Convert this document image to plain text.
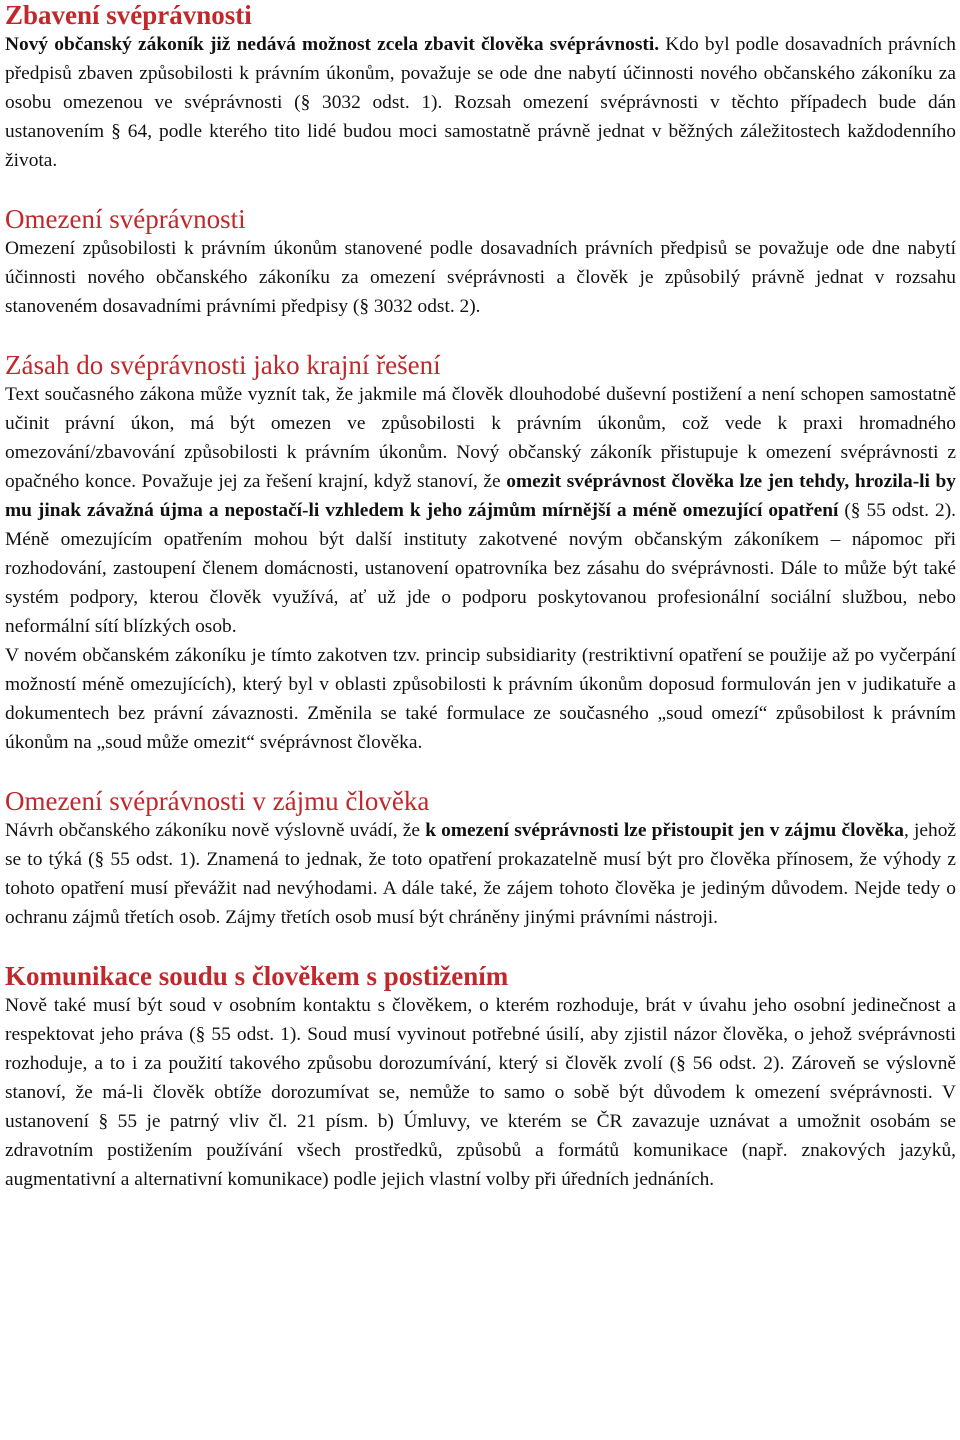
Zbavení svéprávnosti

Nový občanský zákoník již nedává možnost zcela zbavit člověka svéprávnosti. Kdo byl podle dosavadních právních předpisů zbaven způsobilosti k právním úkonům, považuje se ode dne nabytí účinnosti nového občanského zákoníku za osobu omezenou ve svéprávnosti (§ 3032 odst. 1). Rozsah omezení svéprávnosti v těchto případech bude dán ustanovením § 64, podle kterého tito lidé budou moci samostatně právně jednat v běžných záležitostech každodenního života.

Omezení svéprávnosti

Omezení způsobilosti k právním úkonům stanovené podle dosavadních právních předpisů se považuje ode dne nabytí účinnosti nového občanského zákoníku za omezení svéprávnosti a člověk je způsobilý právně jednat v rozsahu stanoveném dosavadními právními předpisy (§ 3032 odst. 2).

Zásah do svéprávnosti jako krajní řešení

Text současného zákona může vyznít tak, že jakmile má člověk dlouhodobé duševní postižení a není schopen samostatně učinit právní úkon, má být omezen ve způsobilosti k právním úkonům, což vede k praxi hromadného omezování/zbavování způsobilosti k právním úkonům. Nový občanský zákoník přistupuje k omezení svéprávnosti z opačného konce. Považuje jej za řešení krajní, když stanoví, že omezit svéprávnost člověka lze jen tehdy, hrozila-li by mu jinak závažná újma a nepostačí-li vzhledem k jeho zájmům mírnější a méně omezující opatření (§ 55 odst. 2). Méně omezujícím opatřením mohou být další instituty zakotvené novým občanským zákoníkem – nápomoc při rozhodování, zastoupení členem domácnosti, ustanovení opatrovníka bez zásahu do svéprávnosti. Dále to může být také systém podpory, kterou člověk využívá, ať už jde o podporu poskytovanou profesionální sociální službou, nebo neformální sítí blízkých osob.

V novém občanském zákoníku je tímto zakotven tzv. princip subsidiarity (restriktivní opatření se použije až po vyčerpání možností méně omezujících), který byl v oblasti způsobilosti k právním úkonům doposud formulován jen v judikatuře a dokumentech bez právní závaznosti. Změnila se také formulace ze současného „soud omezí“ způsobilost k právním úkonům na „soud může omezit“ svéprávnost člověka.

Omezení svéprávnosti v zájmu člověka

Návrh občanského zákoníku nově výslovně uvádí, že k omezení svéprávnosti lze přistoupit jen v zájmu člověka, jehož se to týká (§ 55 odst. 1). Znamená to jednak, že toto opatření prokazatelně musí být pro člověka přínosem, že výhody z tohoto opatření musí převážit nad nevýhodami. A dále také, že zájem tohoto člověka je jediným důvodem. Nejde tedy o ochranu zájmů třetích osob. Zájmy třetích osob musí být chráněny jinými právními nástroji.

Komunikace soudu s člověkem s postižením

Nově také musí být soud v osobním kontaktu s člověkem, o kterém rozhoduje, brát v úvahu jeho osobní jedinečnost a respektovat jeho práva (§ 55 odst. 1). Soud musí vyvinout potřebné úsilí, aby zjistil názor člověka, o jehož svéprávnosti rozhoduje, a to i za použití takového způsobu dorozumívání, který si člověk zvolí (§ 56 odst. 2). Zároveň se výslovně stanoví, že má-li člověk obtíže dorozumívat se, nemůže to samo o sobě být důvodem k omezení svéprávnosti. V ustanovení § 55 je patrný vliv čl. 21 písm. b) Úmluvy, ve kterém se ČR zavazuje uznávat a umožnit osobám se zdravotním postižením používání všech prostředků, způsobů a formátů komunikace (např. znakových jazyků, augmentativní a alternativní komunikace) podle jejich vlastní volby při úředních jednáních.
